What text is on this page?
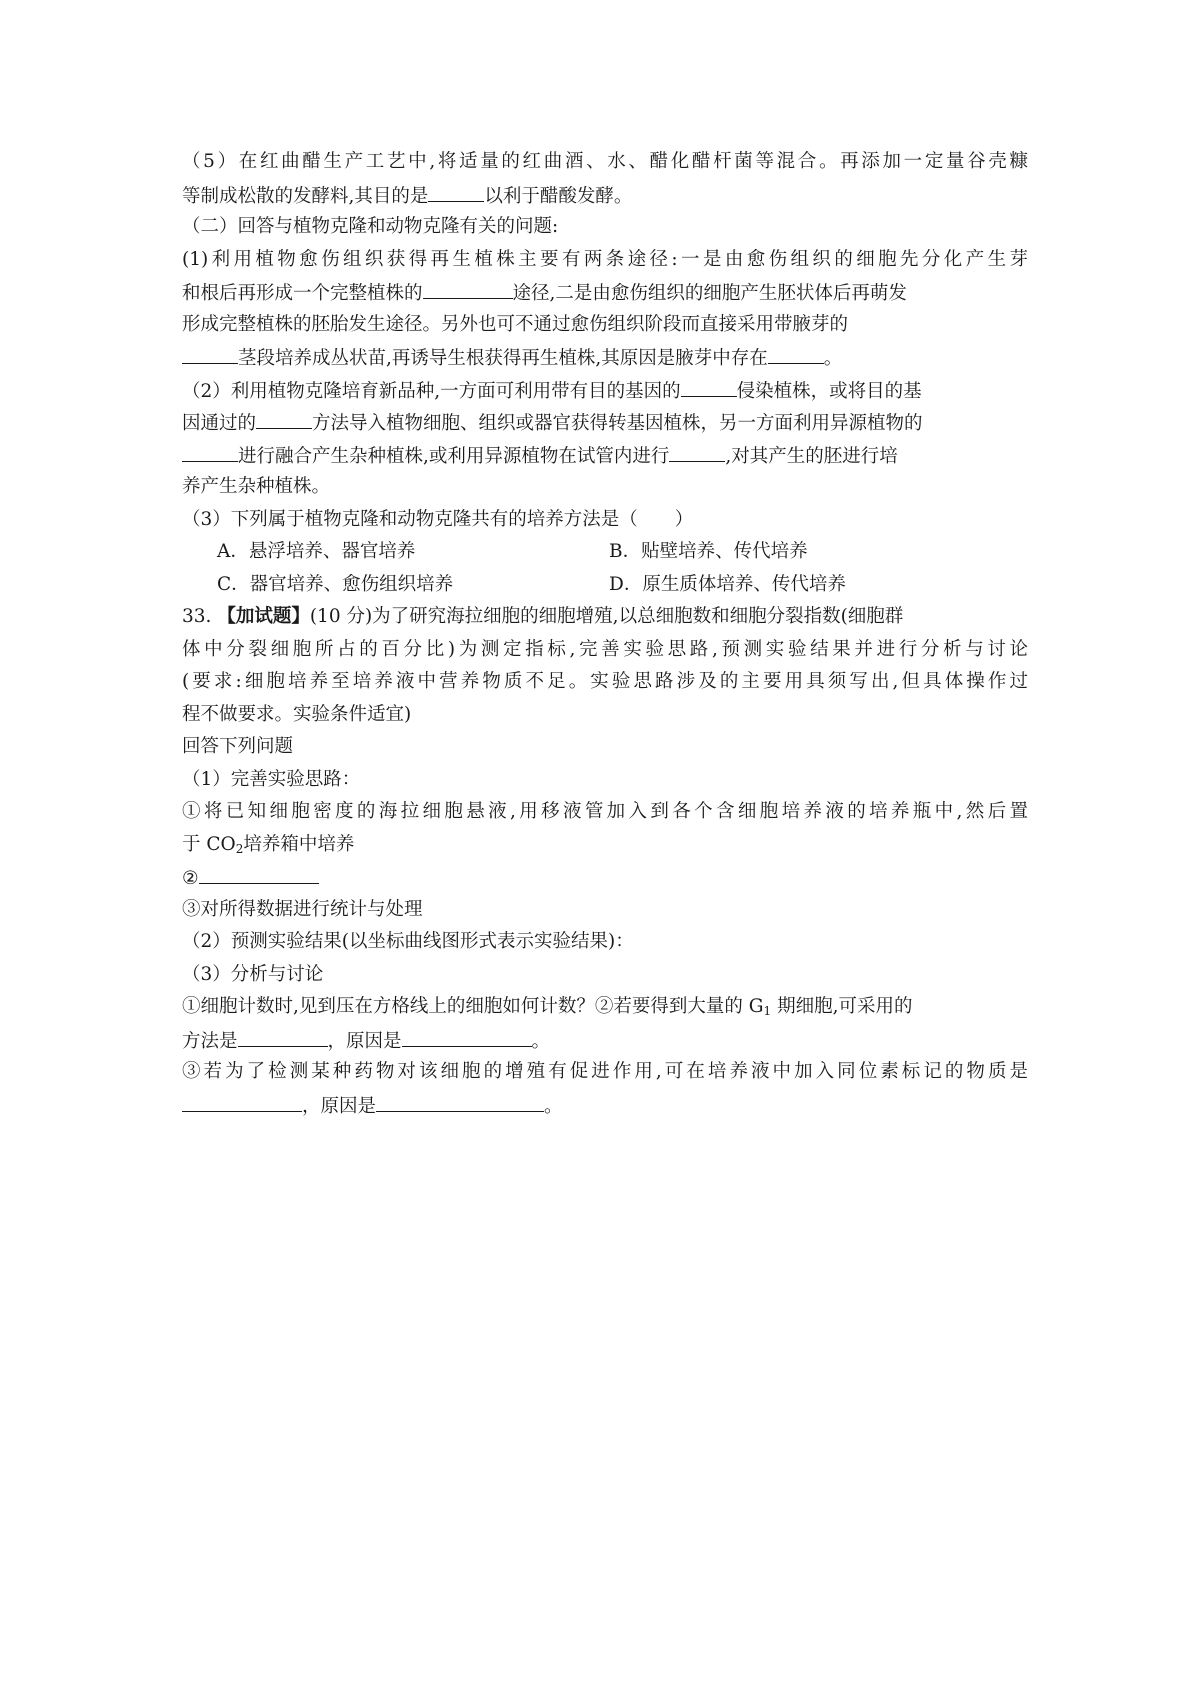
（5）在红曲醋生产工艺中,将适量的红曲酒、水、醋化醋杆菌等混合。再添加一定量谷壳糠
等制成松散的发酵料,其目的是	以利于醋酸发酵。
（二）回答与植物克隆和动物克隆有关的问题:
(1)利用植物愈伤组织获得再生植株主要有两条途径:一是由愈伤组织的细胞先分化产生芽
和根后再形成一个完整植株的	途径,二是由愈伤组织的细胞产生胚状体后再萌发
形成完整植株的胚胎发生途径。另外也可不通过愈伤组织阶段而直接采用带腋芽的
茎段培养成丛状苗,再诱导生根获得再生植株,其原因是腋芽中存在	。
（2）利用植物克隆培育新品种,一方面可利用带有目的基因的	侵染植株，或将目的基
因通过的	方法导入植物细胞、组织或器官获得转基因植株，另一方面利用异源植物的
进行融合产生杂种植株,或利用异源植物在试管内进行	,对其产生的胚进行培
养产生杂种植株。
（3）下列属于植物克隆和动物克隆共有的培养方法是（　　）
A．悬浮培养、器官培养	B．贴壁培养、传代培养
C．器官培养、愈伤组织培养	D．原生质体培养、传代培养
33. 【加试题】(10 分)为了研究海拉细胞的细胞增殖,以总细胞数和细胞分裂指数(细胞群
体中分裂细胞所占的百分比)为测定指标,完善实验思路,预测实验结果并进行分析与讨论
(要求:细胞培养至培养液中营养物质不足。实验思路涉及的主要用具须写出,但具体操作过
程不做要求。实验条件适宜)
回答下列问题
（1）完善实验思路：
①将已知细胞密度的海拉细胞悬液,用移液管加入到各个含细胞培养液的培养瓶中,然后置
于 $CO_2$培养箱中培养
②
③对所得数据进行统计与处理
（2）预测实验结果(以坐标曲线图形式表示实验结果)：
（3）分析与讨论
①细胞计数时,见到压在方格线上的细胞如何计数？②若要得到大量的 $G_1$ 期细胞,可采用的
方法是	，原因是	。
③若为了检测某种药物对该细胞的增殖有促进作用,可在培养液中加入同位素标记的物质是
，原因是	。
